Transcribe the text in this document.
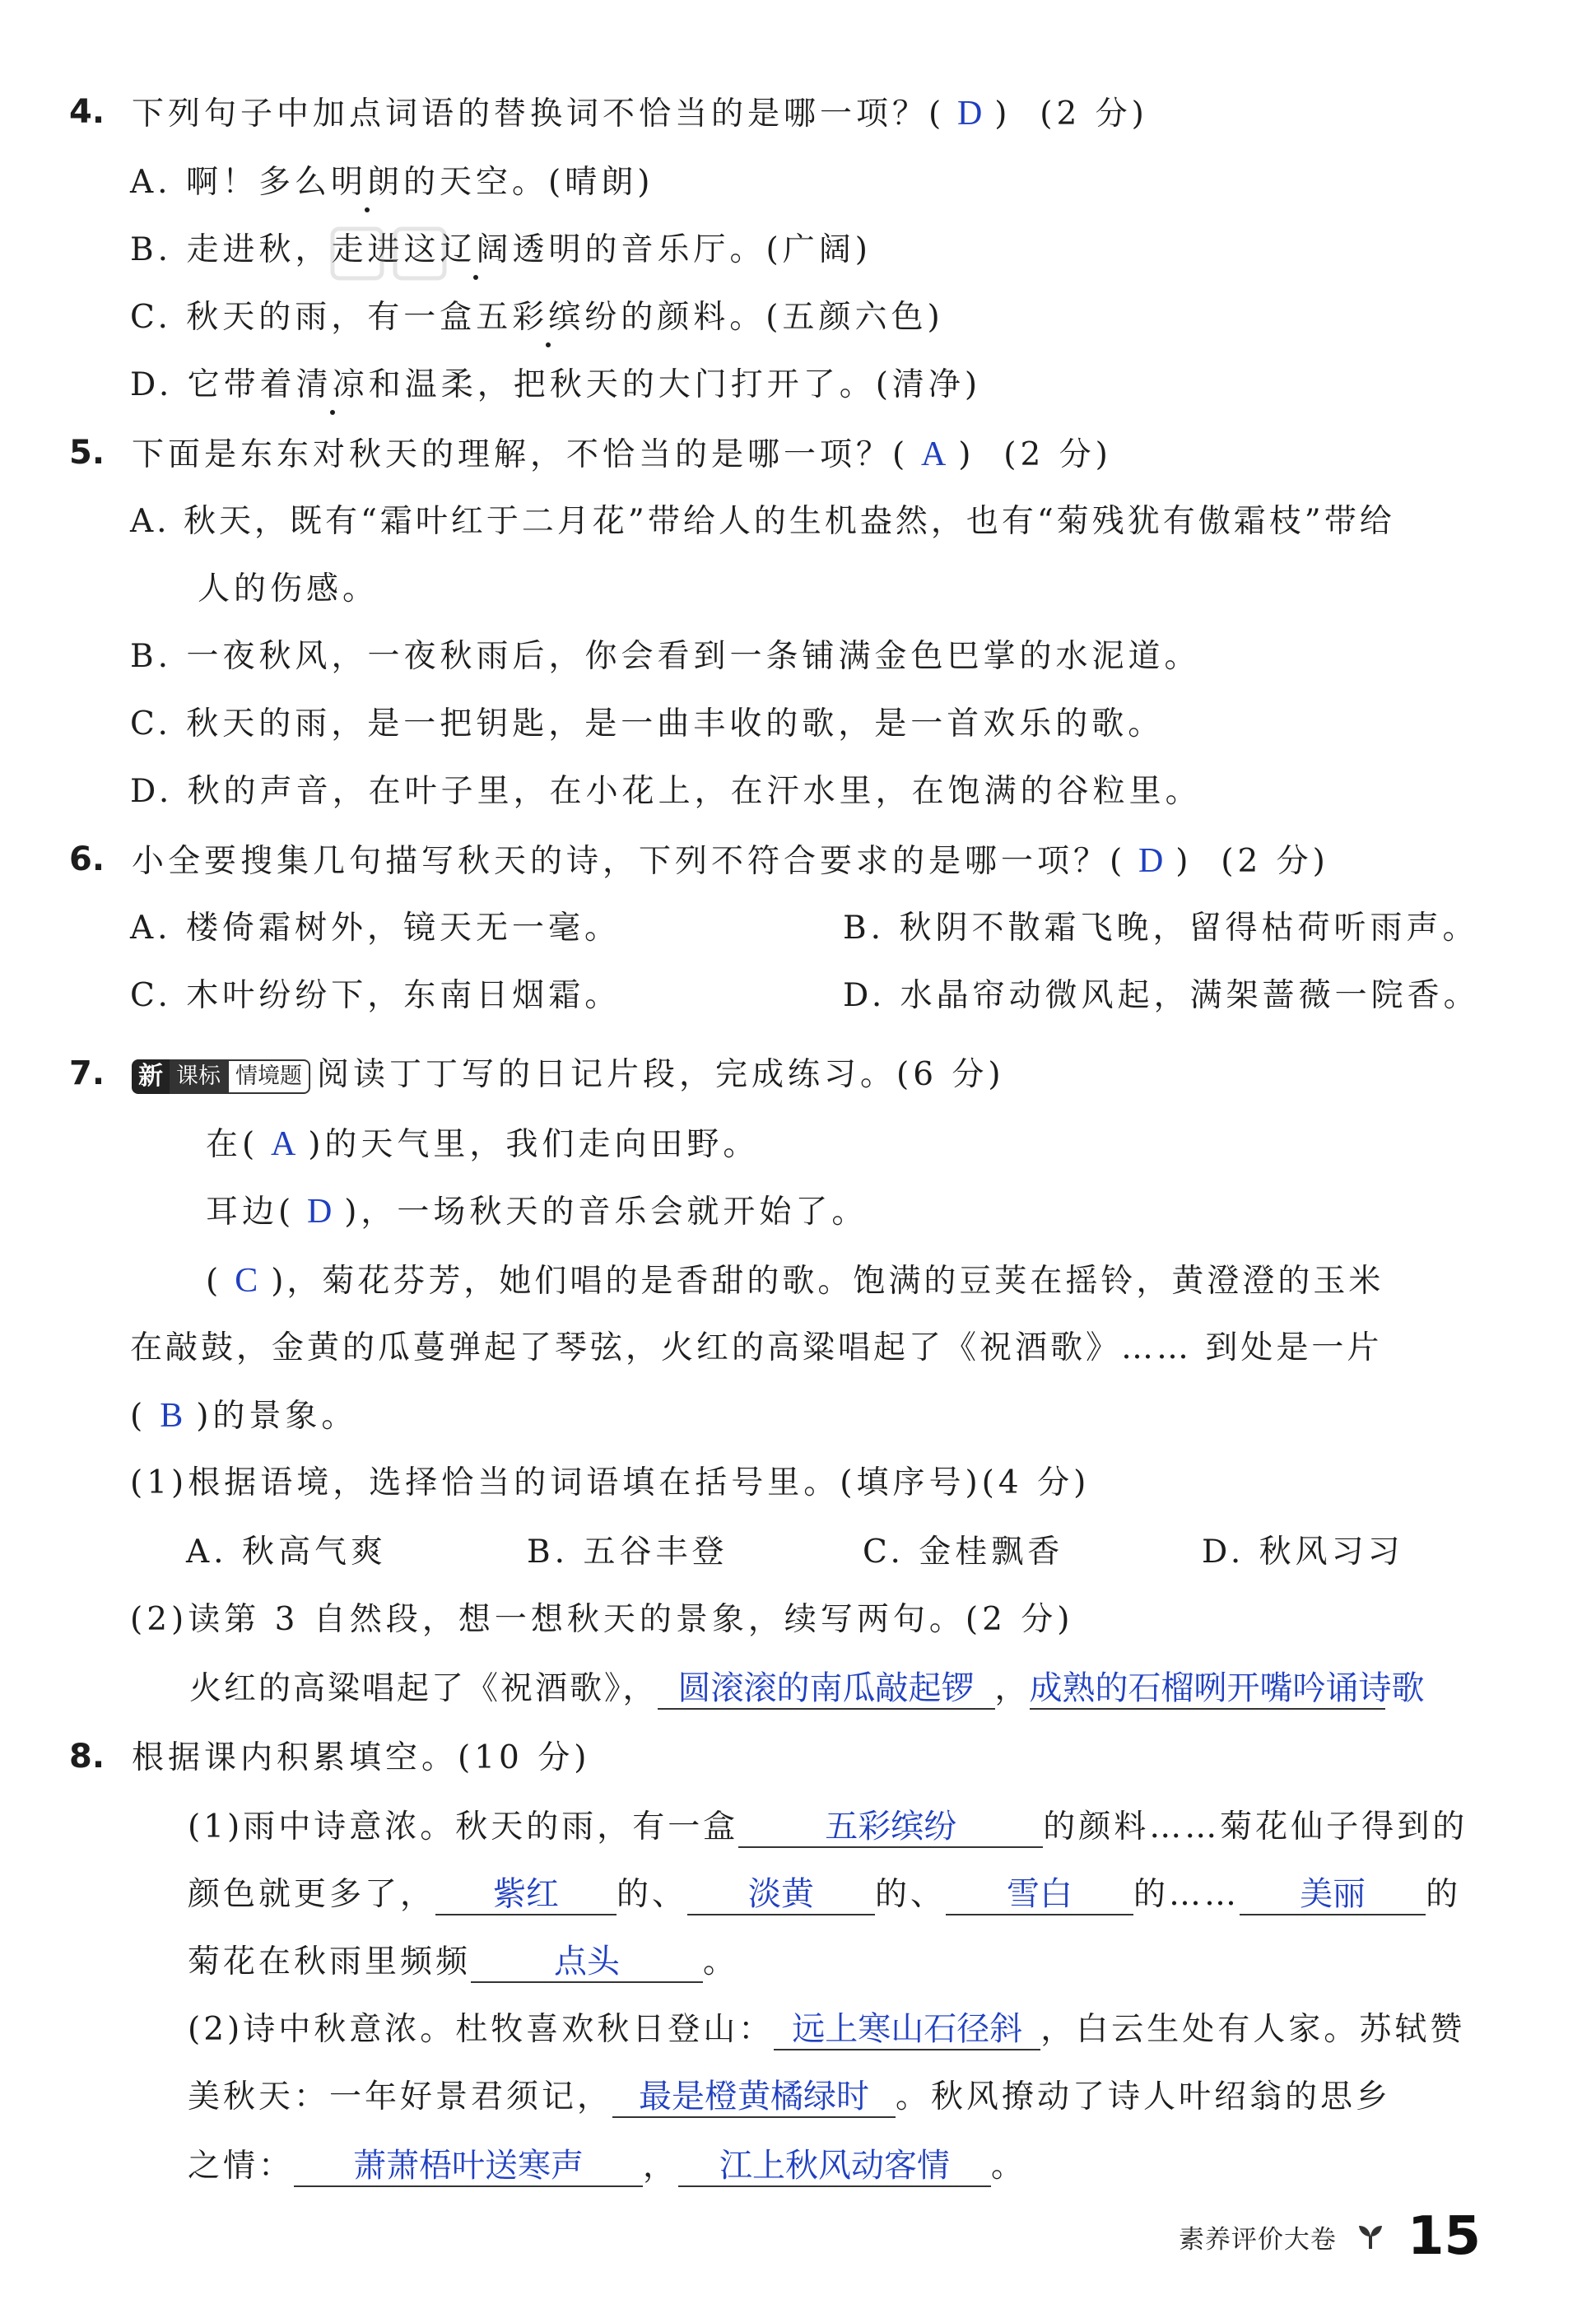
4. 下列句子中加点词语的替换词不恰当的是哪一项？( D ) (2 分)
A. 啊！多么明朗的天空。(晴朗)
B. 走进秋，走进这辽阔透明的音乐厅。(广阔)
C. 秋天的雨，有一盒五彩缤纷的颜料。(五颜六色)
D. 它带着清凉和温柔，把秋天的大门打开了。(清净)
5. 下面是东东对秋天的理解，不恰当的是哪一项？( A ) (2 分)
A. 秋天，既有“霜叶红于二月花”带给人的生机盎然，也有“菊残犹有傲霜枝”带给
人的伤感。
B. 一夜秋风，一夜秋雨后，你会看到一条铺满金色巴掌的水泥道。
C. 秋天的雨，是一把钥匙，是一曲丰收的歌，是一首欢乐的歌。
D. 秋的声音，在叶子里，在小花上，在汗水里，在饱满的谷粒里。
6. 小全要搜集几句描写秋天的诗，下列不符合要求的是哪一项？( D ) (2 分)
A. 楼倚霜树外，镜天无一毫。	B. 秋阴不散霜飞晚，留得枯荷听雨声。
C. 木叶纷纷下，东南日烟霜。	D. 水晶帘动微风起，满架蔷薇一院香。
7. 新 课标 情境题 阅读丁丁写的日记片段，完成练习。(6 分)
在( A )的天气里，我们走向田野。
耳边( D )，一场秋天的音乐会就开始了。
( C )，菊花芬芳，她们唱的是香甜的歌。饱满的豆荚在摇铃，黄澄澄的玉米
在敲鼓，金黄的瓜蔓弹起了琴弦，火红的高粱唱起了《祝酒歌》…… 到处是一片
( B )的景象。
(1)根据语境，选择恰当的词语填在括号里。(填序号)(4 分)
A. 秋高气爽	B. 五谷丰登	C. 金桂飘香	D. 秋风习习
(2)读第 3 自然段，想一想秋天的景象，续写两句。(2 分)
火红的高粱唱起了《祝酒歌》， 圆滚滚的南瓜敲起锣 ，成熟的石榴咧开嘴吟诵诗歌
8. 根据课内积累填空。(10 分)
(1)雨中诗意浓。秋天的雨，有一盒	五彩缤纷	的颜料……菊花仙子得到的
颜色就更多了， 紫红 的、 淡黄 的、 雪白 的…… 美丽 的
菊花在秋雨里频频	点头	。
(2)诗中秋意浓。杜牧喜欢秋日登山： 远上寒山石径斜 ，白云生处有人家。苏轼赞
美秋天：一年好景君须记， 最是橙黄橘绿时 。秋风撩动了诗人叶绍翁的思乡
之情： 萧萧梧叶送寒声 ， 江上秋风动客情 。
素养评价大卷 15
